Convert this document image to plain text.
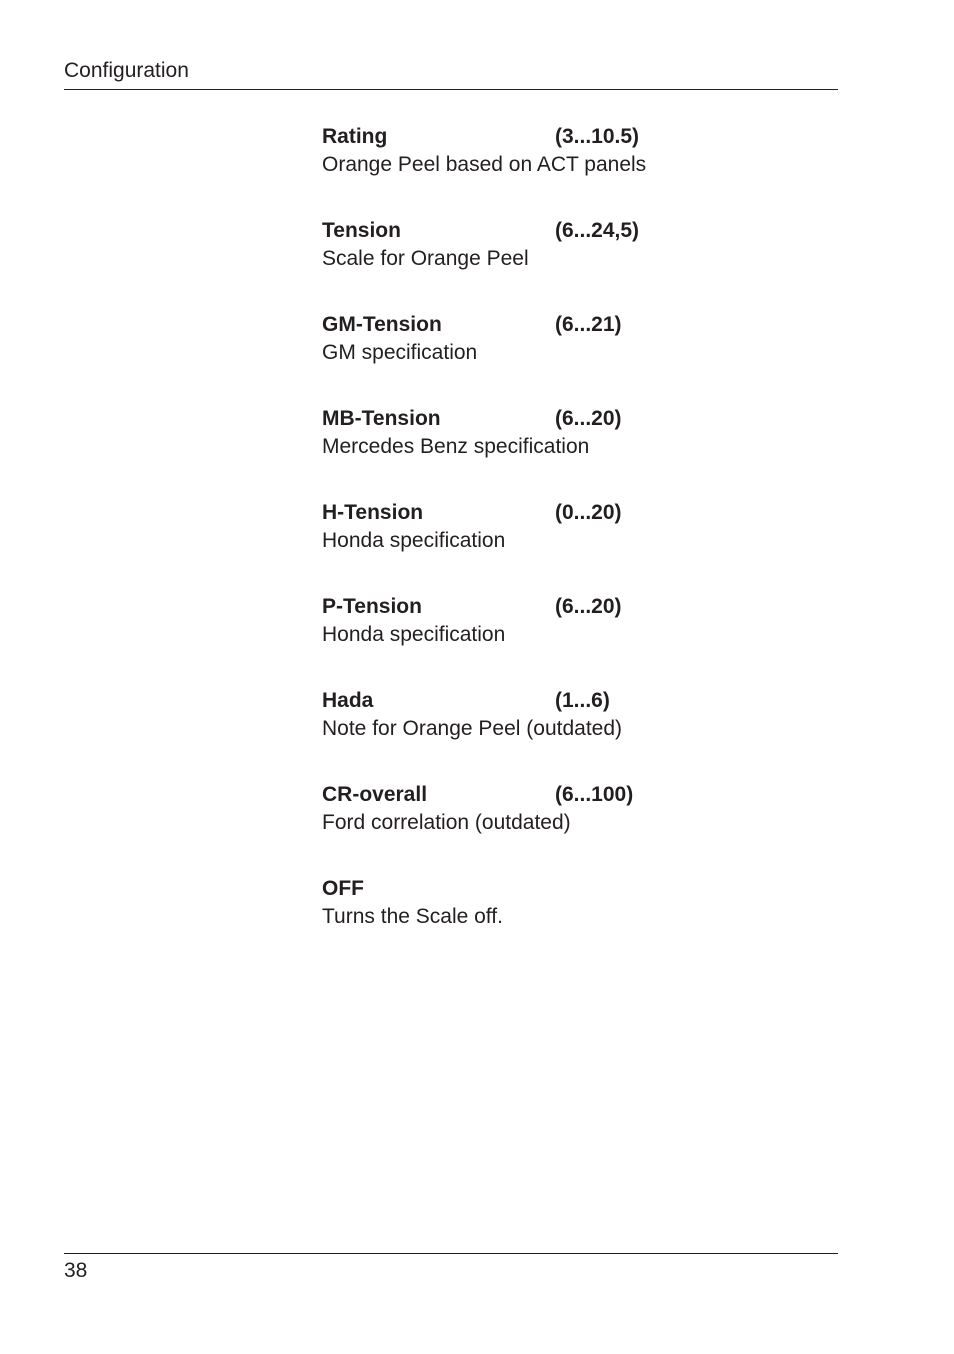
Configuration
Rating	(3...10.5)
Orange Peel based on ACT panels
Tension	(6...24,5)
Scale for Orange Peel
GM-Tension	(6...21)
GM specification
MB-Tension	(6...20)
Mercedes Benz specification
H-Tension	(0...20)
Honda specification
P-Tension	(6...20)
Honda specification
Hada	(1...6)
Note for Orange Peel (outdated)
CR-overall	(6...100)
Ford correlation (outdated)
OFF
Turns the Scale off.
38
